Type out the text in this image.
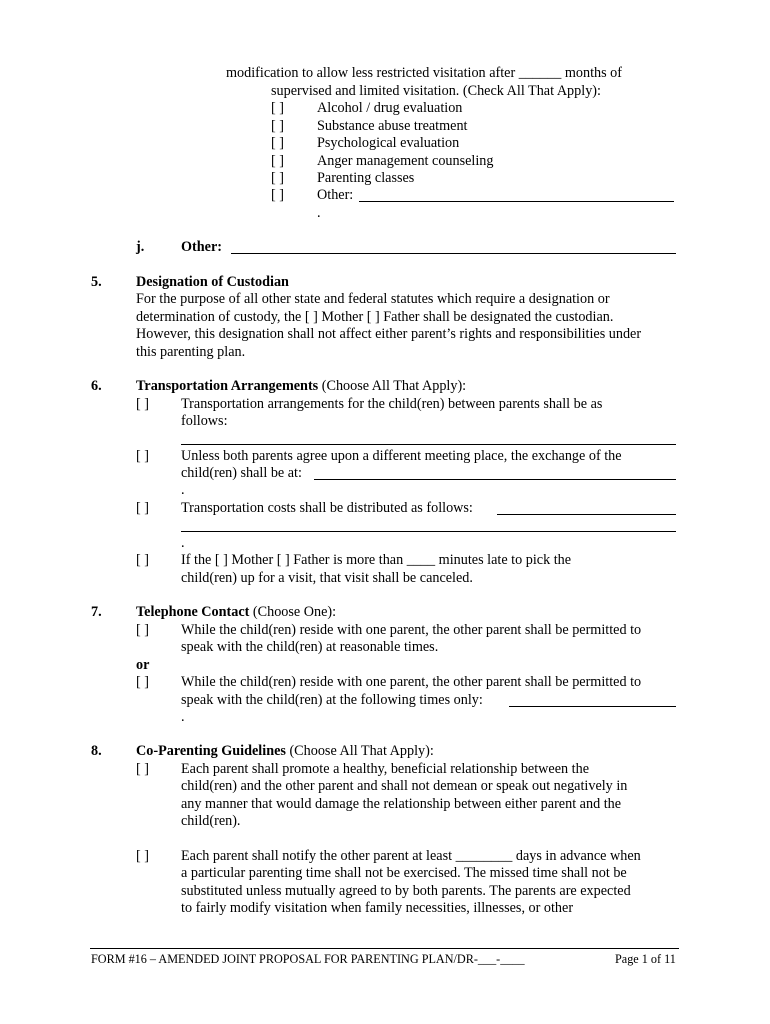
modification to allow less restricted visitation after ______ months of
supervised and limited visitation. (Check All That Apply):
[ ] Alcohol / drug evaluation
[ ] Substance abuse treatment
[ ] Psychological evaluation
[ ] Anger management counseling
[ ] Parenting classes
[ ] Other:
.
j.	Other:
5. Designation of Custodian
For the purpose of all other state and federal statutes which require a designation or
determination of custody, the [ ] Mother [ ] Father shall be designated the custodian.
However, this designation shall not affect either parent’s rights and responsibilities under
this parenting plan.
6. Transportation Arrangements (Choose All That Apply):
[ ] Transportation arrangements for the child(ren) between parents shall be as
follows:
[ ] Unless both parents agree upon a different meeting place, the exchange of the
child(ren) shall be at:
.
[ ] Transportation costs shall be distributed as follows:
.
[ ] If the [ ] Mother [ ] Father is more than ____ minutes late to pick the
child(ren) up for a visit, that visit shall be canceled.
7. Telephone Contact (Choose One):
[ ] While the child(ren) reside with one parent, the other parent shall be permitted to
speak with the child(ren) at reasonable times.
or
[ ] While the child(ren) reside with one parent, the other parent shall be permitted to
speak with the child(ren) at the following times only:
.
8. Co-Parenting Guidelines (Choose All That Apply):
[ ] Each parent shall promote a healthy, beneficial relationship between the
child(ren) and the other parent and shall not demean or speak out negatively in
any manner that would damage the relationship between either parent and the
child(ren).
[ ] Each parent shall notify the other parent at least ________ days in advance when
a particular parenting time shall not be exercised. The missed time shall not be
substituted unless mutually agreed to by both parents. The parents are expected
to fairly modify visitation when family necessities, illnesses, or other
FORM #16 – AMENDED JOINT PROPOSAL FOR PARENTING PLAN/DR-___-____	Page 1 of 11
